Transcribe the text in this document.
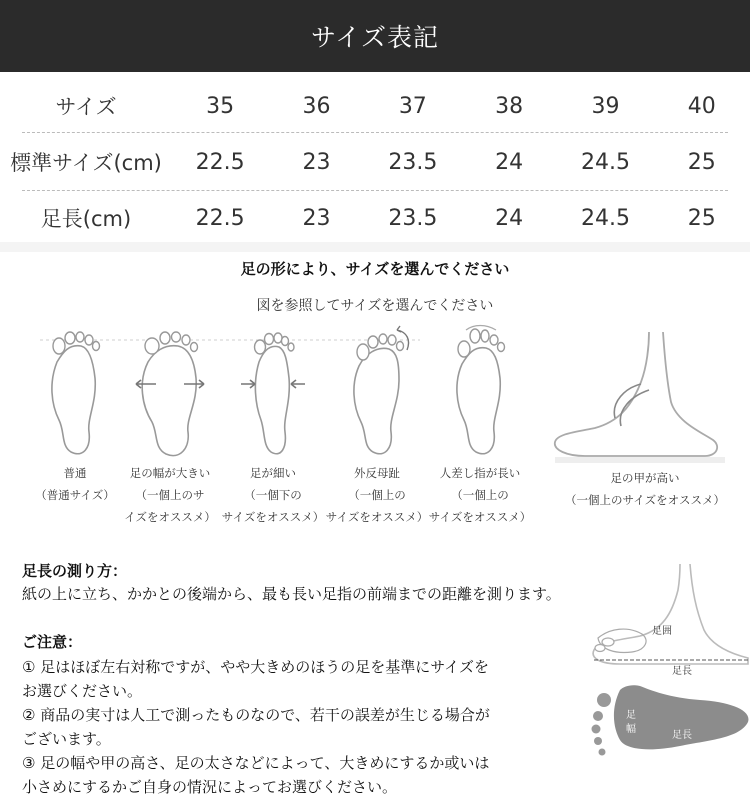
サイズ表記
サイズ	35	36	37	38	39	40
標準サイズ(cm)	22.5	23	23.5	24	24.5	25
足長(cm)	22.5	23	23.5	24	24.5	25
足の形により、サイズを選んでください
図を参照してサイズを選んでください
普通
（普通サイズ）
足の幅が大きい
（一個上のサ
イズをオススメ）
足が細い
（一個下の
サイズをオススメ）
外反母趾
（一個上の
サイズをオススメ）
人差し指が長い
（一個上の
サイズをオススメ）
足の甲が高い
（一個上のサイズをオススメ）
足長の測り方：
紙の上に立ち、かかとの後端から、最も長い足指の前端までの距離を測ります。
ご注意：
① 足はほぼ左右対称ですが、やや大きめのほうの足を基準にサイズを
お選びください。
② 商品の実寸は人工で測ったものなので、若干の誤差が生じる場合が
ございます。
③ 足の幅や甲の高さ、足の太さなどによって、大きめにするか或いは
小さめにするかご自身の情況によってお選びください。
足囲
足長
足
幅
足長
